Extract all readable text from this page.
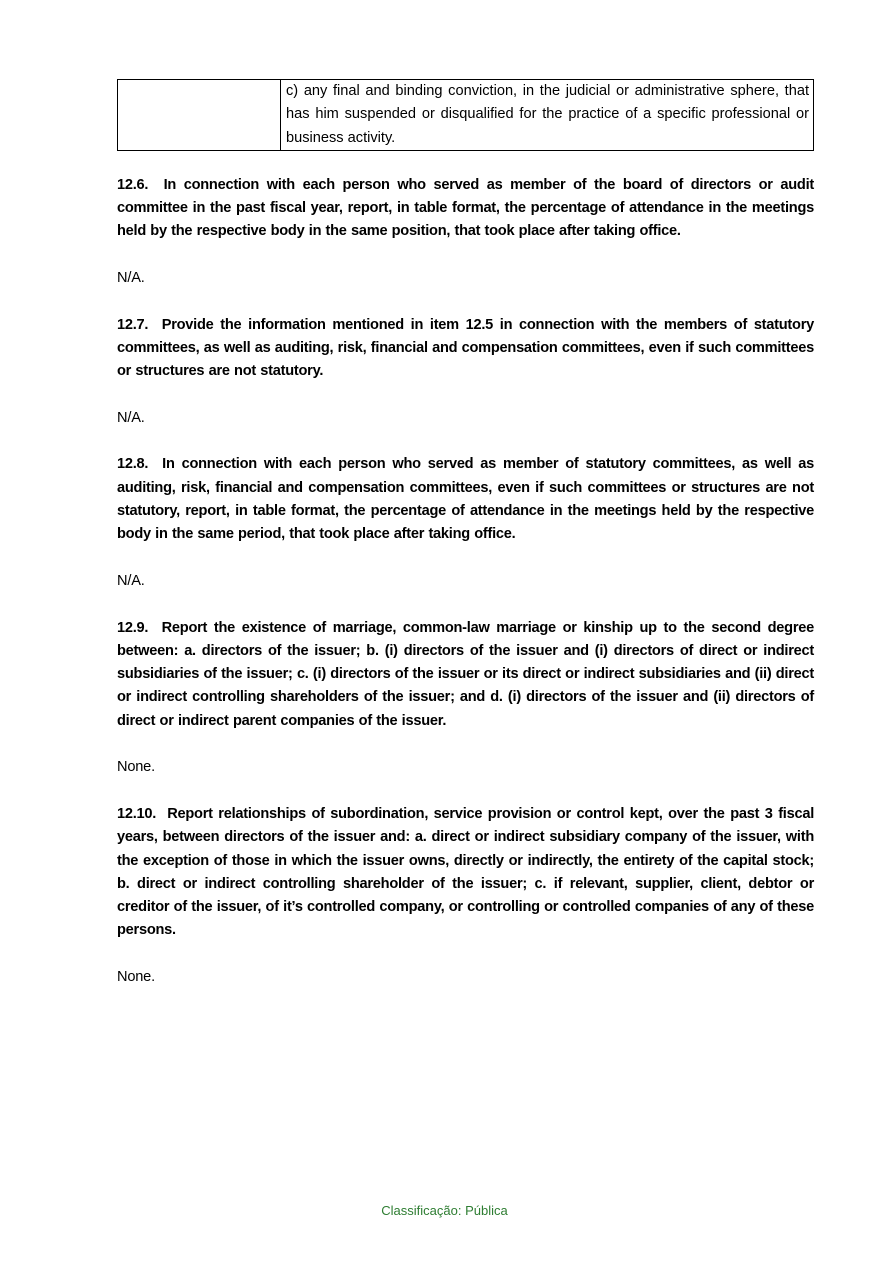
	c) any final and binding conviction, in the judicial or administrative sphere, that has him suspended or disqualified for the practice of a specific professional or business activity.

12.6. In connection with each person who served as member of the board of directors or audit committee in the past fiscal year, report, in table format, the percentage of attendance in the meetings held by the respective body in the same position, that took place after taking office.

N/A.

12.7. Provide the information mentioned in item 12.5 in connection with the members of statutory committees, as well as auditing, risk, financial and compensation committees, even if such committees or structures are not statutory.

N/A.

12.8. In connection with each person who served as member of statutory committees, as well as auditing, risk, financial and compensation committees, even if such committees or structures are not statutory, report, in table format, the percentage of attendance in the meetings held by the respective body in the same period, that took place after taking office.

N/A.

12.9. Report the existence of marriage, common-law marriage or kinship up to the second degree between: a. directors of the issuer; b. (i) directors of the issuer and (i) directors of direct or indirect subsidiaries of the issuer; c. (i) directors of the issuer or its direct or indirect subsidiaries and (ii) direct or indirect controlling shareholders of the issuer; and d. (i) directors of the issuer and (ii) directors of direct or indirect parent companies of the issuer.

None.

12.10. Report relationships of subordination, service provision or control kept, over the past 3 fiscal years, between directors of the issuer and: a. direct or indirect subsidiary company of the issuer, with the exception of those in which the issuer owns, directly or indirectly, the entirety of the capital stock; b. direct or indirect controlling shareholder of the issuer; c. if relevant, supplier, client, debtor or creditor of the issuer, of it’s controlled company, or controlling or controlled companies of any of these persons.

None.

Classificação: Pública
